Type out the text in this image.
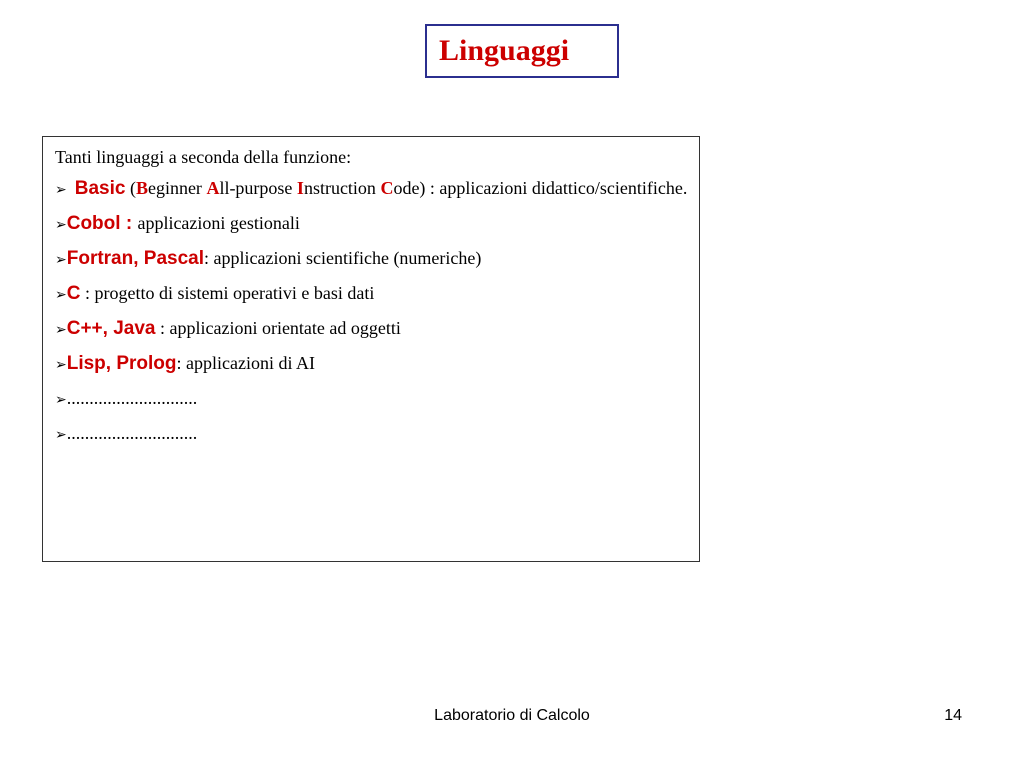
Linguaggi

Tanti linguaggi a seconda della funzione:

➢ Basic (Beginner All-purpose Instruction Code) : applicazioni didattico/scientifiche.

➢Cobol : applicazioni gestionali

➢Fortran, Pascal: applicazioni scientifiche (numeriche)

➢C : progetto di sistemi operativi e basi dati

➢C++, Java : applicazioni orientate ad oggetti

➢Lisp, Prolog: applicazioni di AI

➢.............................

➢.............................

Laboratorio di Calcolo	14
